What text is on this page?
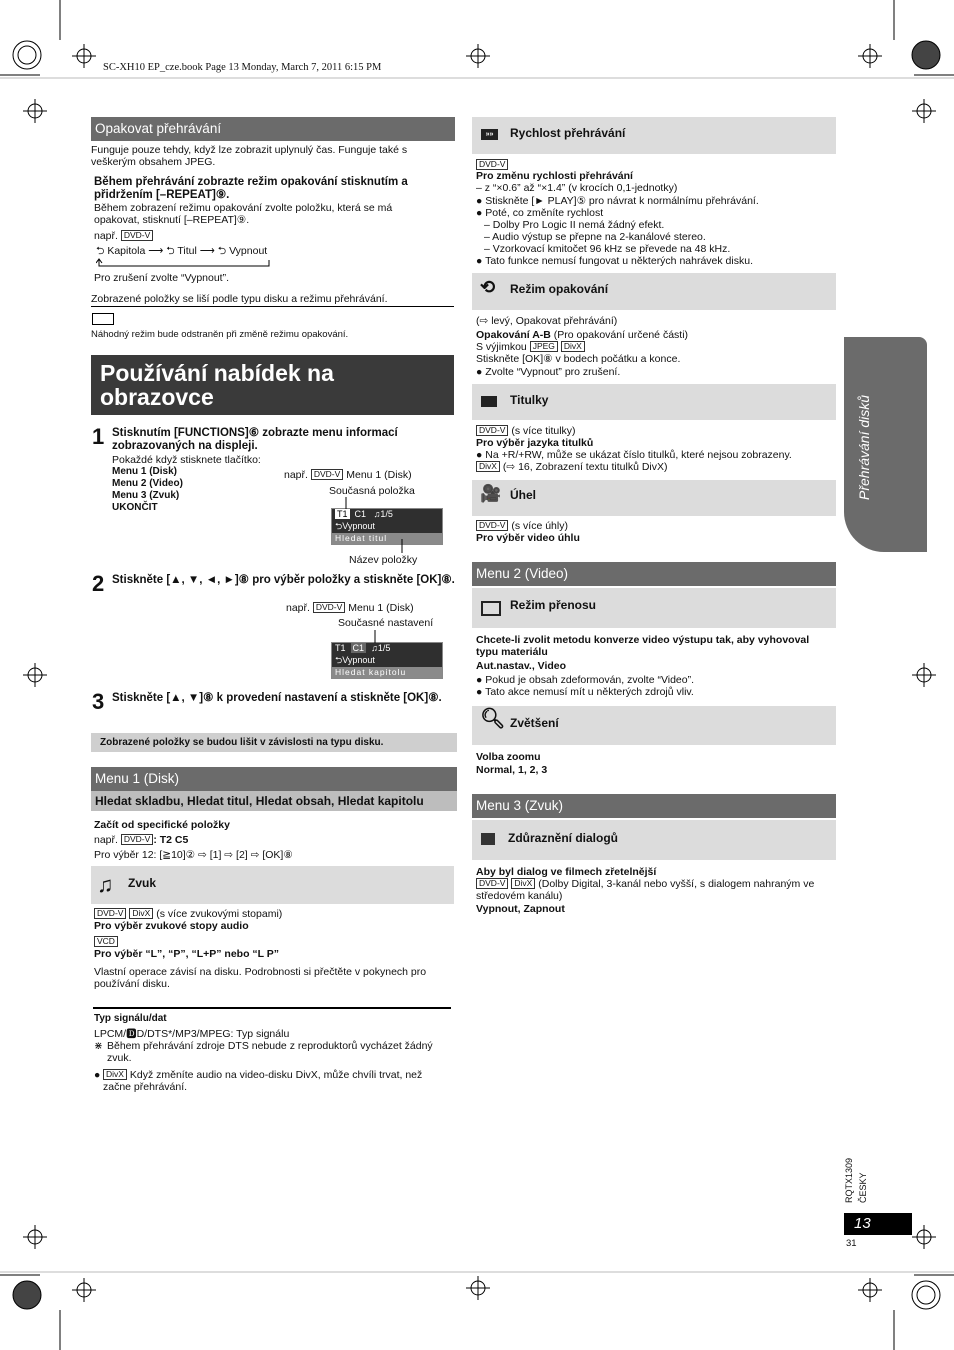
SC-XH10 EP_cze.book Page 13 Monday, March 7, 2011 6:15 PM
Opakovat přehrávání
Funguje pouze tehdy, když lze zobrazit uplynulý čas. Funguje také s veškerým obsahem JPEG.
Během přehrávání zobrazte režim opakování stisknutím a přidržením [–REPEAT]⑨.
Během zobrazení režimu opakování zvolte položku, která se má opakovat, stisknutí [–REPEAT]⑨.
např. DVD-V
⮌ Kapitola ⟶ ⮌ Titul ⟶ ⮌ Vypnout
Pro zrušení zvolte “Vypnout”.
Zobrazené položky se liší podle typu disku a režimu přehrávání.
Náhodný režim bude odstraněn při změně režimu opakování.
Používání nabídek na
obrazovce
1 Stisknutím [FUNCTIONS]⑥ zobrazte menu informací zobrazovaných na displeji.
Pokaždé když stisknete tlačítko:
Menu 1 (Disk)
Menu 2 (Video)
Menu 3 (Zvuk)
UKONČIT
např. DVD-V Menu 1 (Disk)
Současná položka
T1 C1 ♫1/5
⮌Vypnout
Hledat titul
Název položky
2 Stiskněte [▲, ▼, ◄, ►]⑧ pro výběr položky a stiskněte [OK]⑧.
např. DVD-V Menu 1 (Disk)
Současné nastavení
T1 C1 ♫1/5
⮌Vypnout
Hledat kapitolu
3 Stiskněte [▲, ▼]⑧ k provedení nastavení a stiskněte [OK]⑧.
Zobrazené položky se budou lišit v závislosti na typu disku.
Menu 1 (Disk)
Hledat skladbu, Hledat titul, Hledat obsah, Hledat kapitolu
Začít od specifické položky
např. DVD-V : T2 C5
Pro výběr 12: [≧10]② ⇨ [1] ⇨ [2] ⇨ [OK]⑧
♫ Zvuk
DVD-V DivX (s více zvukovými stopami)
Pro výběr zvukové stopy audio
VCD
Pro výběr “L”, “P”, “L+P” nebo “L P”
Vlastní operace závisí na disku. Podrobnosti si přečtěte v pokynech pro používání disku.
Typ signálu/dat
LPCM/🅳D/DTS*/MP3/MPEG: Typ signálu
⋇ Během přehrávání zdroje DTS nebude z reproduktorů vycházet žádný zvuk.
● DivX Když změníte audio na video-disku DivX, může chvíli trvat, než začne přehrávání.
»»	Rychlost přehrávání
DVD-V
Pro změnu rychlosti přehrávání
– z “×0.6” až “×1.4” (v krocích 0,1-jednotky)
● Stiskněte [► PLAY]⑤ pro návrat k normálnímu přehrávání.
● Poté, co změníte rychlost
– Dolby Pro Logic II nemá žádný efekt.
– Audio výstup se přepne na 2-kanálové stereo.
– Vzorkovací kmitočet 96 kHz se převede na 48 kHz.
● Tato funkce nemusí fungovat u některých nahrávek disku.
⟲ Režim opakování
(⇨ levý, Opakovat přehrávání)
Opakování A-B (Pro opakování určené části)
S výjimkou JPEG DivX
Stiskněte [OK]⑧ v bodech počátku a konce.
● Zvolte “Vypnout” pro zrušení.
Titulky
DVD-V (s více titulky)
Pro výběr jazyka titulků
● Na +R/+RW, může se ukázat číslo titulků, které nejsou zobrazeny.
DivX (⇨ 16, Zobrazení textu titulků DivX)
🎥 Úhel
DVD-V (s více úhly)
Pro výběr video úhlu
Menu 2 (Video)
Režim přenosu
Chcete-li zvolit metodu konverze video výstupu tak, aby vyhovoval typu materiálu
Aut.nastav., Video
● Pokud je obsah zdeformován, zvolte “Video”.
● Tato akce nemusí mít u některých zdrojů vliv.
🔍︎ Zvětšení
Volba zoomu
Normal, 1, 2, 3
Menu 3 (Zvuk)
Zdůraznění dialogů
Aby byl dialog ve filmech zřetelnější
DVD-V DivX (Dolby Digital, 3-kanál nebo vyšší, s dialogem nahraným ve středovém kanálu)
Vypnout, Zapnout
Přehrávání disků
RQTX1309 ČESKY
13
31
